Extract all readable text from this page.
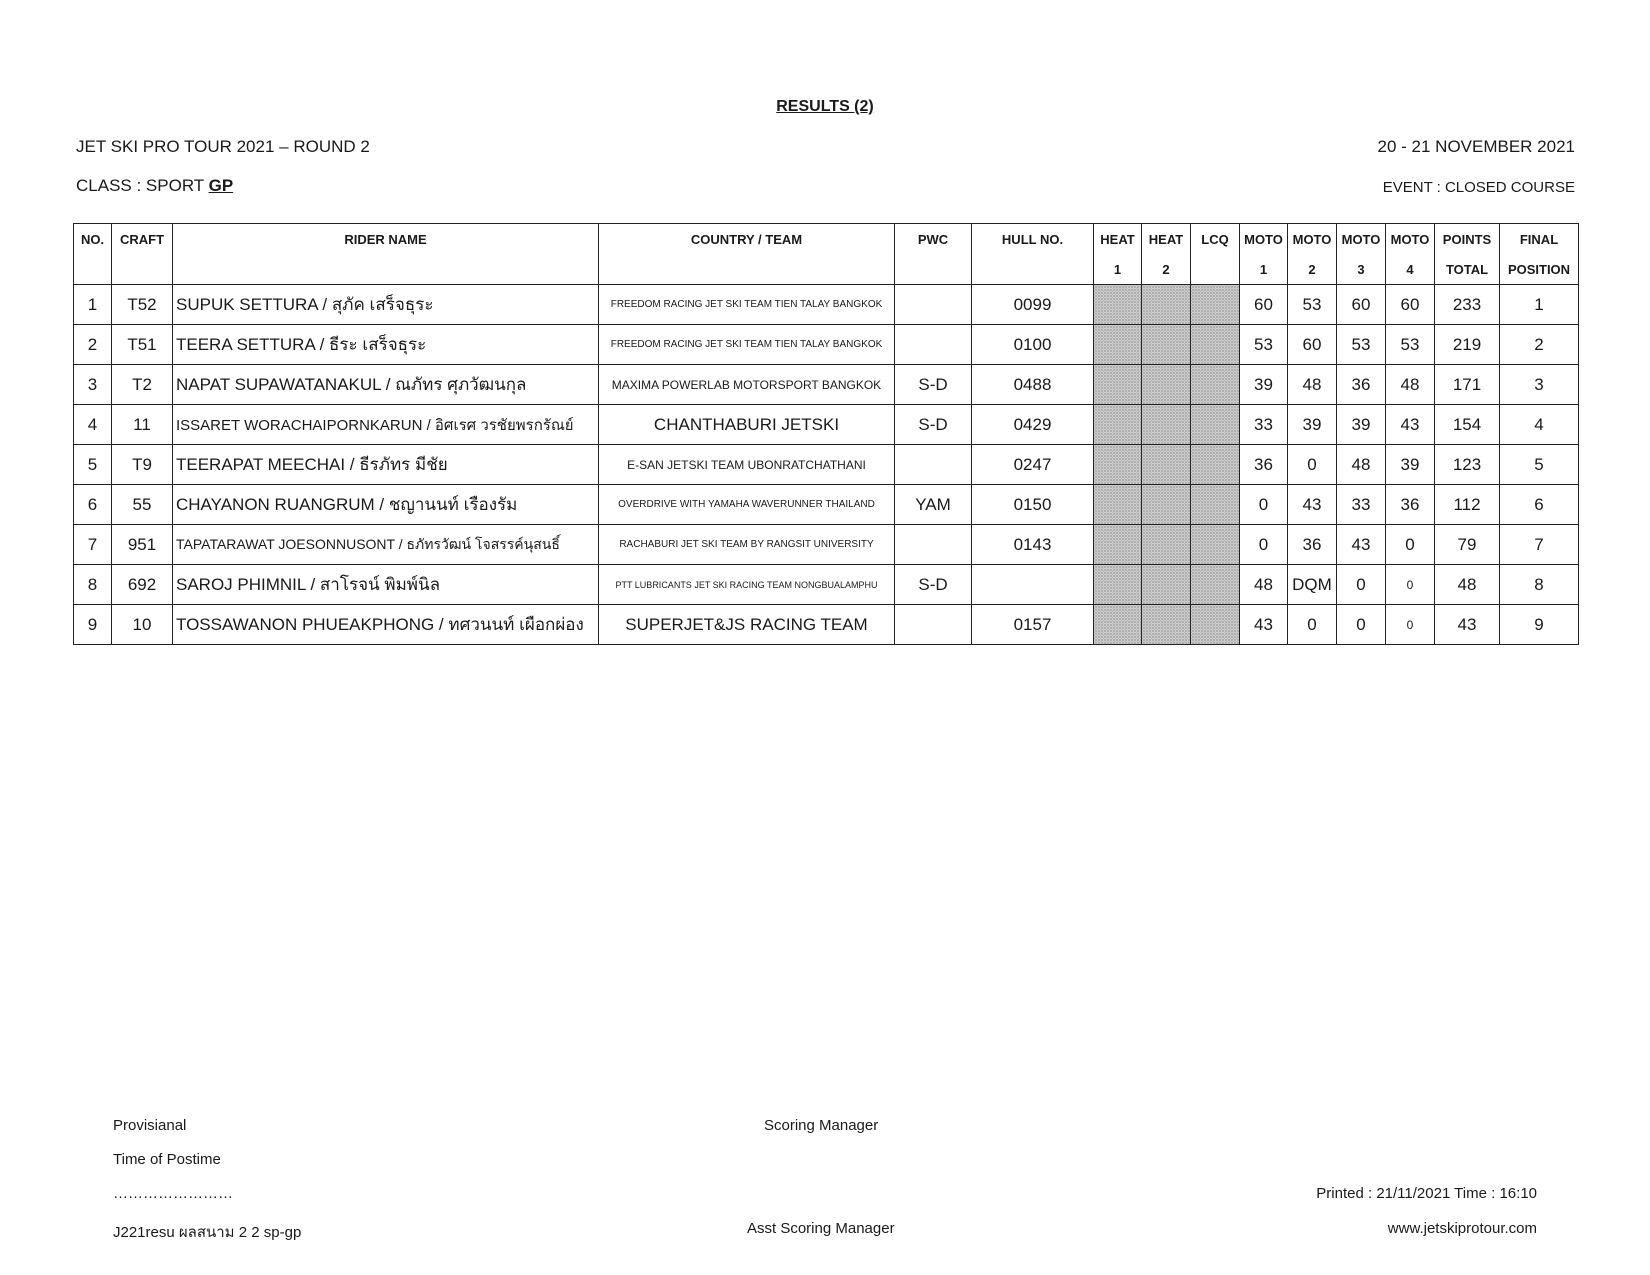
RESULTS (2)
JET SKI PRO TOUR 2021 – ROUND 2	20 - 21 NOVEMBER 2021
CLASS : SPORT GP	EVENT : CLOSED COURSE
NO.	CRAFT	RIDER NAME	COUNTRY / TEAM	PWC	HULL NO.	HEAT	HEAT	LCQ	MOTO	MOTO	MOTO	MOTO	POINTS	FINAL
						1	2		1	2	3	4	TOTAL	POSITION
1	T52	SUPUK SETTURA / สุภัค เสร็จธุระ	FREEDOM RACING JET SKI TEAM TIEN TALAY BANGKOK		0099				60	53	60	60	233	1
2	T51	TEERA SETTURA / ธีระ เสร็จธุระ	FREEDOM RACING JET SKI TEAM TIEN TALAY BANGKOK		0100				53	60	53	53	219	2
3	T2	NAPAT SUPAWATANAKUL / ณภัทร ศุภวัฒนกุล	MAXIMA POWERLAB MOTORSPORT BANGKOK	S-D	0488				39	48	36	48	171	3
4	11	ISSARET WORACHAIPORNKARUN / อิศเรศ วรชัยพรกรัณย์	CHANTHABURI JETSKI	S-D	0429				33	39	39	43	154	4
5	T9	TEERAPAT MEECHAI / ธีรภัทร มีชัย	E-SAN JETSKI TEAM UBONRATCHATHANI		0247				36	0	48	39	123	5
6	55	CHAYANON RUANGRUM / ชญานนท์ เรืองรัม	OVERDRIVE WITH YAMAHA WAVERUNNER THAILAND	YAM	0150				0	43	33	36	112	6
7	951	TAPATARAWAT JOESONNUSONT / ธภัทรวัฒน์ โจสรรค์นุสนธิ์	RACHABURI JET SKI TEAM BY RANGSIT UNIVERSITY		0143				0	36	43	0	79	7
8	692	SAROJ PHIMNIL / สาโรจน์ พิมพ์นิล	PTT LUBRICANTS JET SKI RACING TEAM NONGBUALAMPHU	S-D					48	DQM	0	0	48	8
9	10	TOSSAWANON PHUEAKPHONG / ทศวนนท์ เผือกผ่อง	SUPERJET&JS RACING TEAM		0157				43	0	0	0	43	9
Provisianal
Time of Postime
……………………
J221resu ผลสนาม 2 2 sp-gp
Scoring Manager
Asst Scoring Manager
Printed : 21/11/2021 Time : 16:10
www.jetskiprotour.com
